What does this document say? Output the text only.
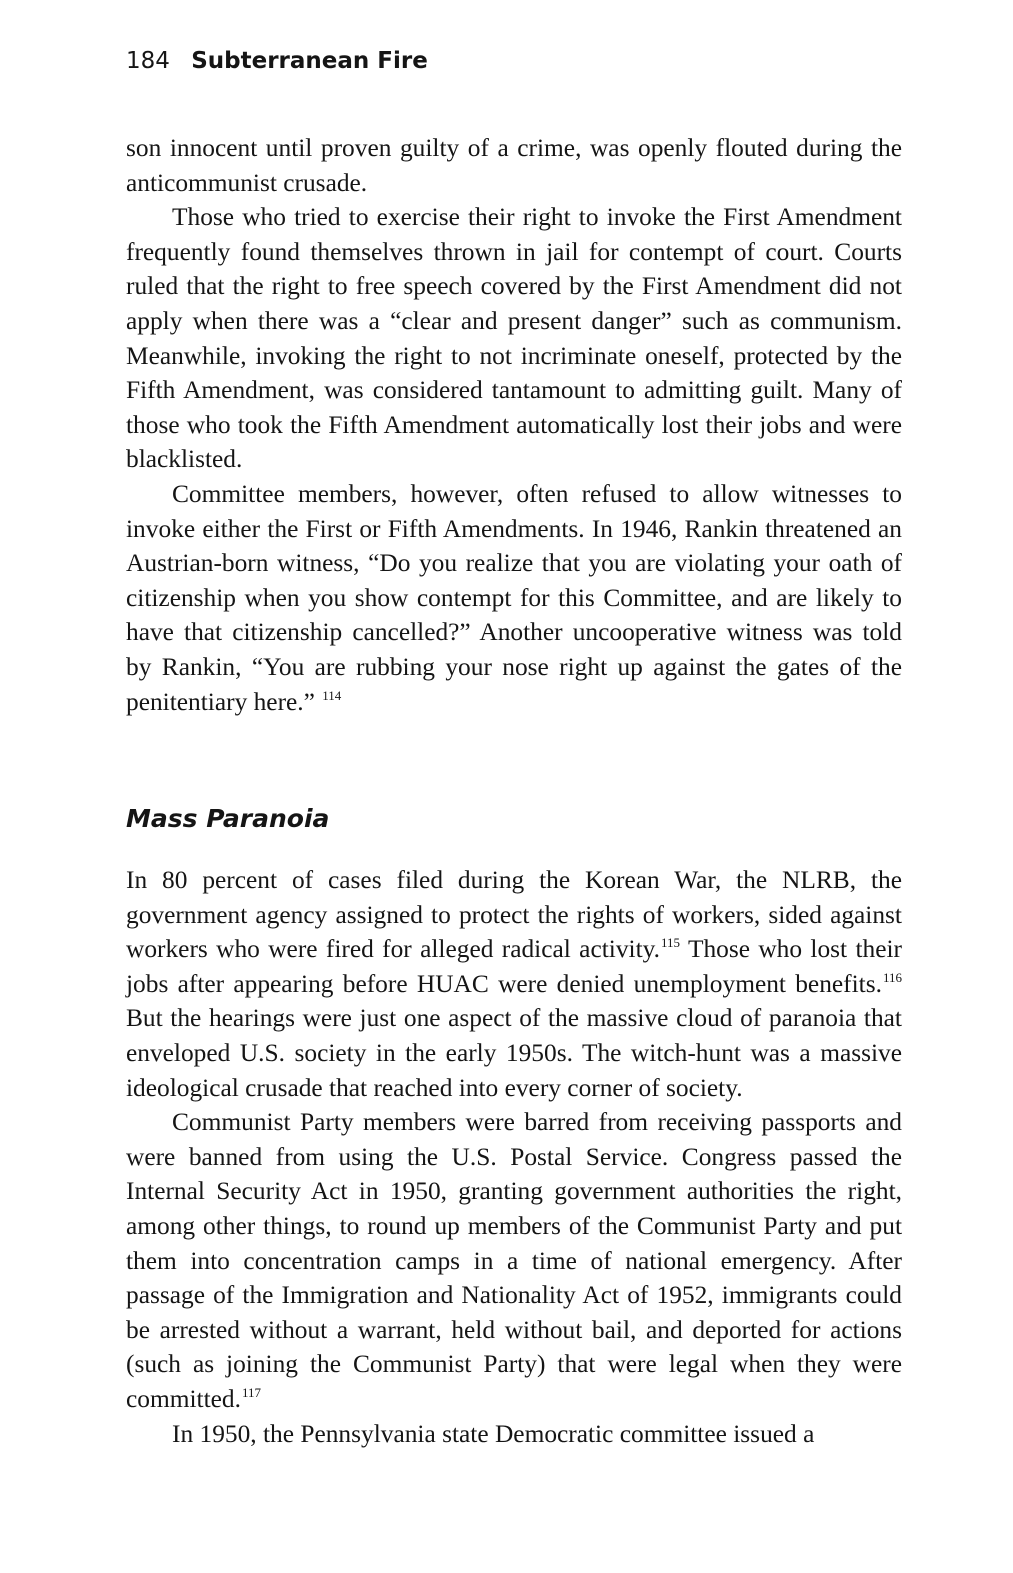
184 Subterranean Fire

son innocent until proven guilty of a crime, was openly flouted during the anticommunist crusade.

Those who tried to exercise their right to invoke the First Amendment frequently found themselves thrown in jail for contempt of court. Courts ruled that the right to free speech covered by the First Amendment did not apply when there was a “clear and present danger” such as communism. Meanwhile, invoking the right to not incriminate oneself, protected by the Fifth Amendment, was considered tantamount to admitting guilt. Many of those who took the Fifth Amendment automatically lost their jobs and were blacklisted.

Committee members, however, often refused to allow witnesses to invoke either the First or Fifth Amendments. In 1946, Rankin threatened an Austrian-born witness, “Do you realize that you are violating your oath of citizenship when you show contempt for this Committee, and are likely to have that citizenship cancelled?” Another uncooperative witness was told by Rankin, “You are rubbing your nose right up against the gates of the penitentiary here.” $^{114}$

Mass Paranoia

In 80 percent of cases filed during the Korean War, the NLRB, the government agency assigned to protect the rights of workers, sided against workers who were fired for alleged radical activity.$^{115}$ Those who lost their jobs after appearing before HUAC were denied unemployment benefits.$^{116}$ But the hearings were just one aspect of the massive cloud of paranoia that enveloped U.S. society in the early 1950s. The witch-hunt was a massive ideological crusade that reached into every corner of society.

Communist Party members were barred from receiving passports and were banned from using the U.S. Postal Service. Congress passed the Internal Security Act in 1950, granting government authorities the right, among other things, to round up members of the Communist Party and put them into concentration camps in a time of national emergency. After passage of the Immigration and Nationality Act of 1952, immigrants could be arrested without a warrant, held without bail, and deported for actions (such as joining the Communist Party) that were legal when they were committed.$^{117}$

In 1950, the Pennsylvania state Democratic committee issued a
